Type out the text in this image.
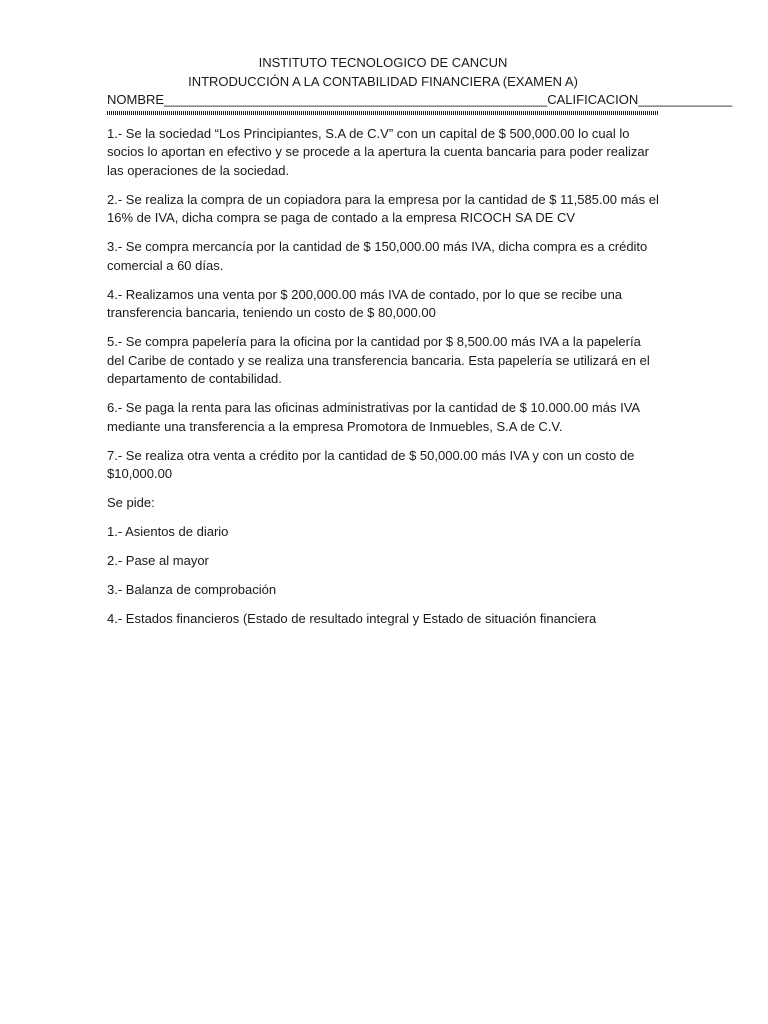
INSTITUTO TECNOLOGICO DE CANCUN
INTRODUCCIÓN A LA CONTABILIDAD FINANCIERA (EXAMEN A)
NOMBRE_____________________________________________________CALIFICACION_____________

1.- Se la sociedad “Los Principiantes, S.A de C.V” con un capital de $ 500,000.00 lo cual lo socios lo aportan en efectivo y se procede a la apertura la cuenta bancaria para poder realizar las operaciones de la sociedad.

2.- Se realiza la compra de un copiadora para la empresa por la cantidad de $ 11,585.00 más el 16% de IVA, dicha compra se paga de contado a la empresa RICOCH SA DE CV

3.- Se compra mercancía por la cantidad de $ 150,000.00 más IVA, dicha compra es a crédito comercial a 60 días.

4.- Realizamos una venta por $ 200,000.00 más IVA de contado, por lo que se recibe una transferencia bancaria, teniendo un costo de $ 80,000.00

5.- Se compra papelería para la oficina por la cantidad por $ 8,500.00 más IVA a la papelería del Caribe de contado y se realiza una transferencia bancaria. Esta papelería se utilizará en el departamento de contabilidad.

6.- Se paga la renta para las oficinas administrativas por la cantidad de $ 10.000.00 más IVA mediante una transferencia a la empresa Promotora de Inmuebles, S.A de C.V.

7.- Se realiza otra venta a crédito por la cantidad de $ 50,000.00 más IVA y con un costo de $10,000.00

Se pide:

1.- Asientos de diario

2.- Pase al mayor

3.- Balanza de comprobación

4.- Estados financieros (Estado de resultado integral y Estado de situación financiera
